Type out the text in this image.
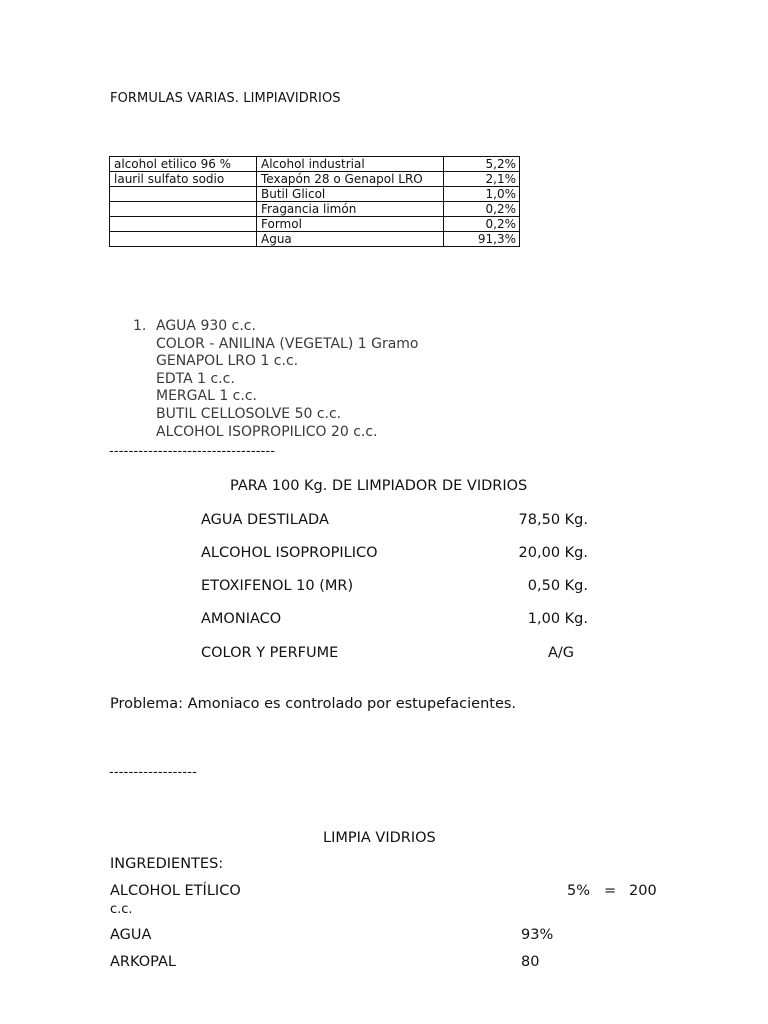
FORMULAS VARIAS. LIMPIAVIDRIOS
alcohol etilico 96 %	Alcohol industrial	5,2%
lauril sulfato sodio	Texapón 28 o Genapol LRO	2,1%
	Butil Glicol	1,0%
	Fragancia limón	0,2%
	Formol	0,2%
	Agua	91,3%
1. AGUA 930 c.c.
COLOR - ANILINA (VEGETAL) 1 Gramo
GENAPOL LRO 1 c.c.
EDTA 1 c.c.
MERGAL 1 c.c.
BUTIL CELLOSOLVE 50 c.c.
ALCOHOL ISOPROPILICO 20 c.c.
----------------------------------
PARA 100 Kg. DE LIMPIADOR DE VIDRIOS
AGUA DESTILADA	78,50 Kg.
ALCOHOL ISOPROPILICO	20,00 Kg.
ETOXIFENOL 10 (MR)	0,50 Kg.
AMONIACO	1,00 Kg.
COLOR Y PERFUME	A/G
Problema: Amoniaco es controlado por estupefacientes.
------------------
LIMPIA VIDRIOS
INGREDIENTES:
ALCOHOL ETÍLICO	5% = 200
c.c.
AGUA	93%
ARKOPAL	80
